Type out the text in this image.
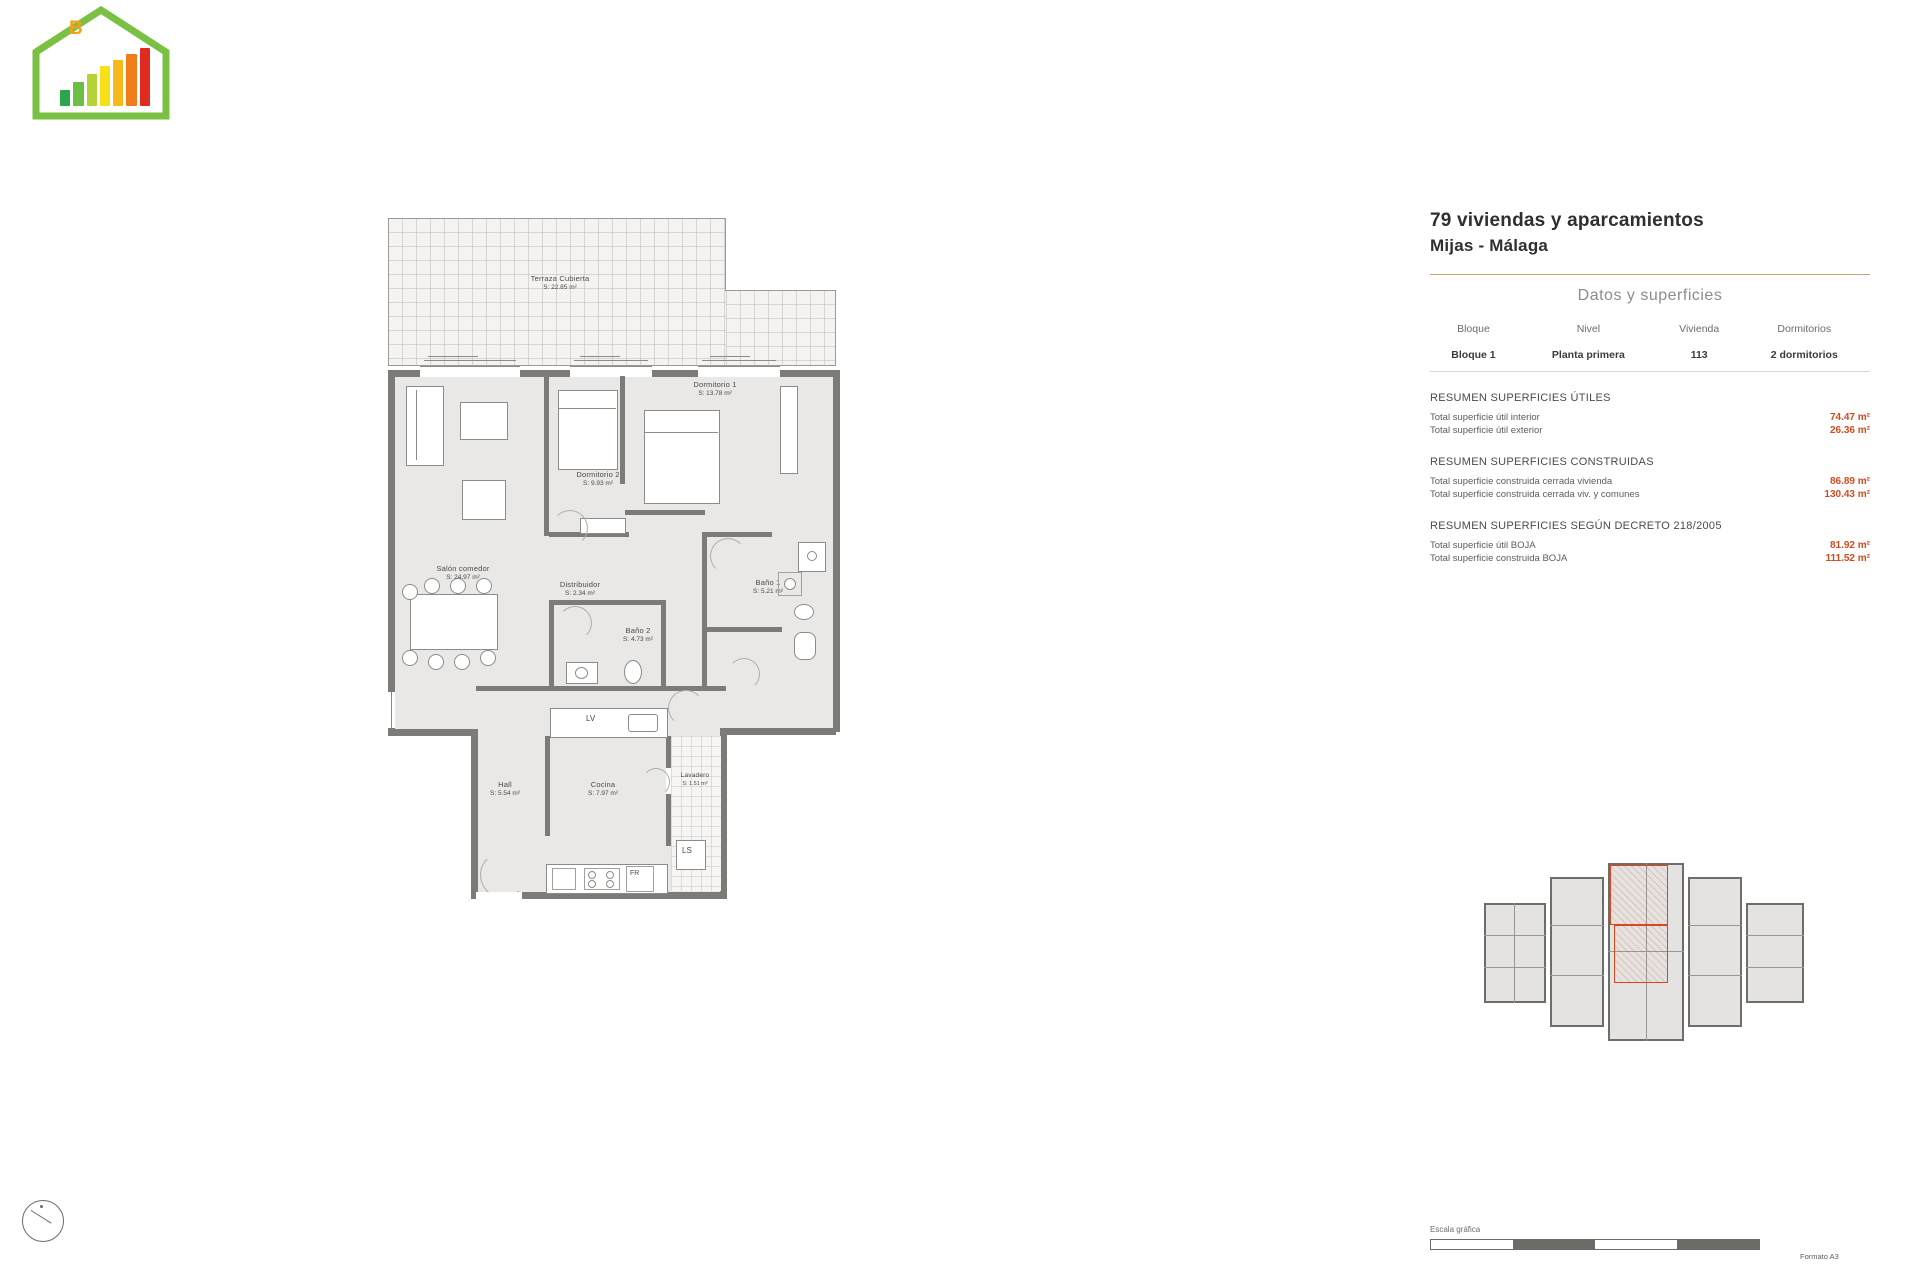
B
Terraza Cubierta
S: 22.85 m²
Salón comedor
S: 24.97 m²
Dormitorio 1
S: 13.78 m²
Dormitorio 2
S: 9.93 m²
Distribuidor
S: 2.34 m²
Baño 1
S: 5.21 m²
Baño 2
S: 4.73 m²
Hall
S: 5.54 m²
Cocina
S: 7.97 m²
LV
FR
Lavadero
S: 1.51 m²
LS
79 viviendas y aparcamientos
Mijas - Málaga
Datos y superficies
Bloque	Nivel	Vivienda	Dormitorios
Bloque 1	Planta primera	113	2 dormitorios
RESUMEN SUPERFICIES ÚTILES
Total superficie útil interior	74.47 m²
Total superficie útil exterior	26.36 m²
RESUMEN SUPERFICIES CONSTRUIDAS
Total superficie construida cerrada vivienda	86.89 m²
Total superficie construida cerrada viv. y comunes	130.43 m²
RESUMEN SUPERFICIES SEGÚN DECRETO 218/2005
Total superficie útil BOJA	81.92 m²
Total superficie construida BOJA	111.52 m²
Escala gráfica
Formato A3
